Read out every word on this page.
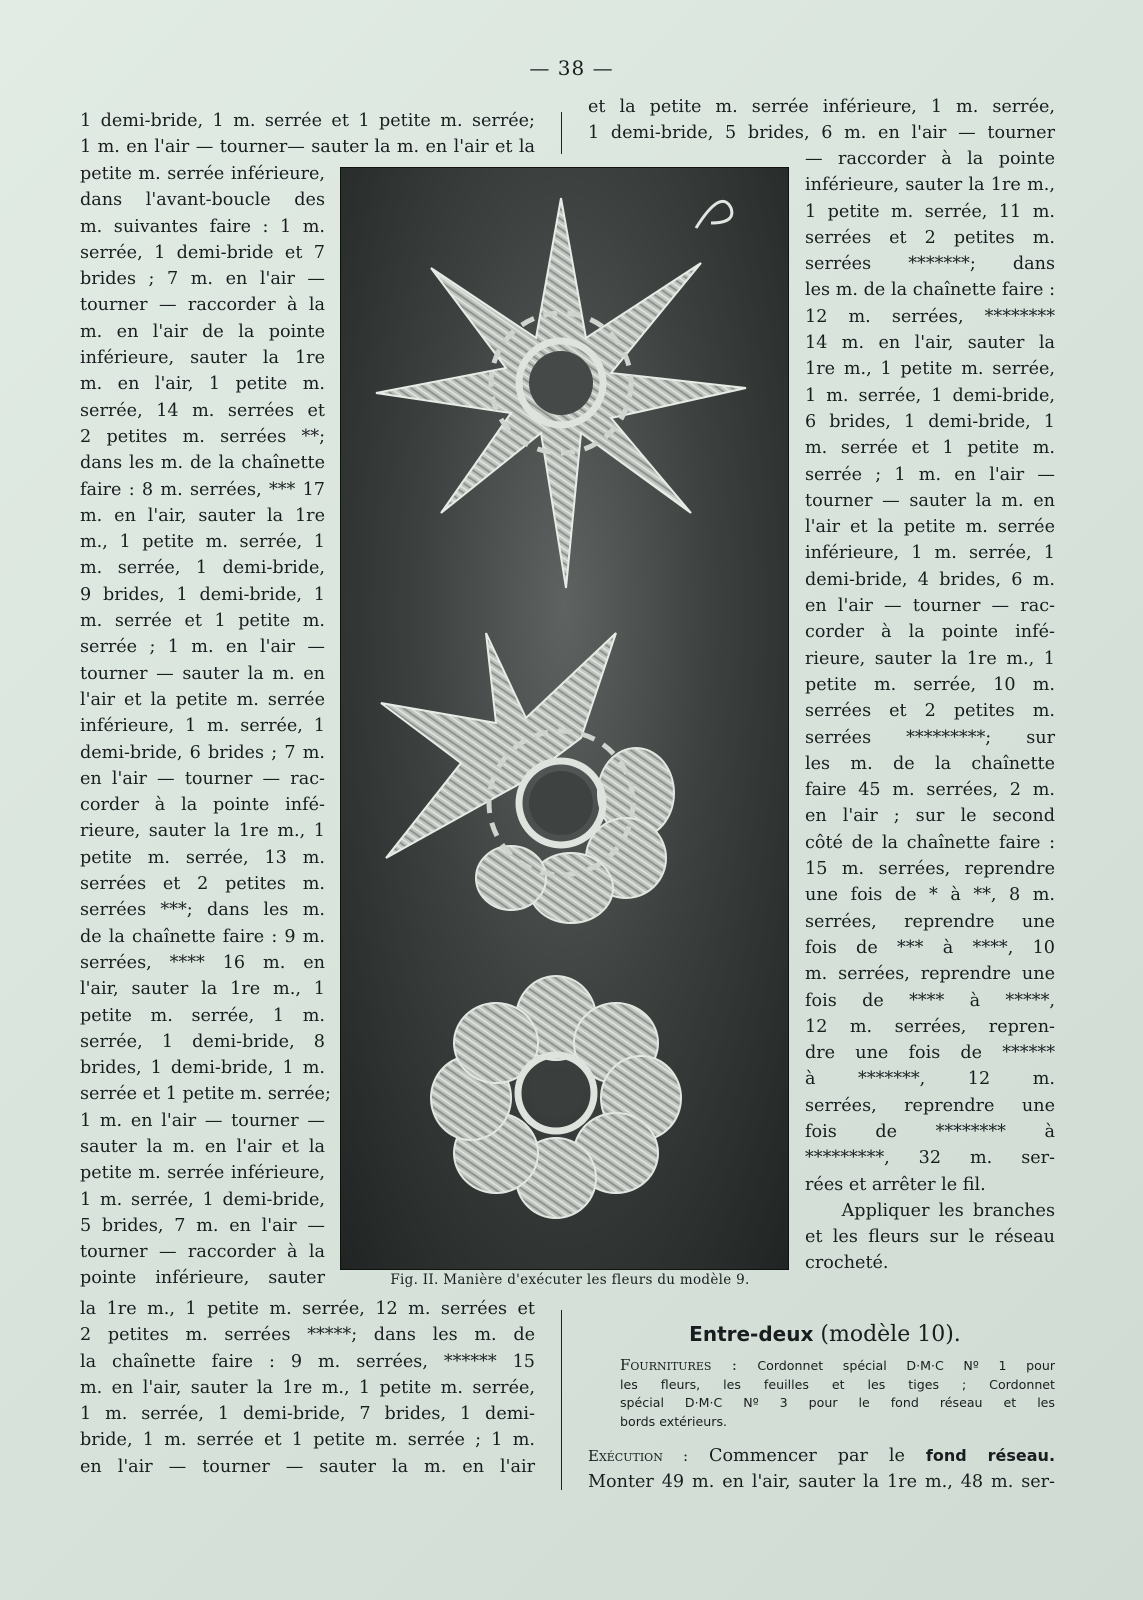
— 38 —
1 demi-bride, 1 m. serrée et 1 petite m. serrée;
1 m. en l'air — tourner— sauter la m. en l'air et la
petite m. serrée inférieure,
dans l'avant-boucle des
m. suivantes faire : 1 m.
serrée, 1 demi-bride et 7
brides ; 7 m. en l'air —
tourner — raccorder à la
m. en l'air de la pointe
inférieure, sauter la 1re
m. en l'air, 1 petite m.
serrée, 14 m. serrées et
2 petites m. serrées **;
dans les m. de la chaînette
faire : 8 m. serrées, *** 17
m. en l'air, sauter la 1re
m., 1 petite m. serrée, 1
m. serrée, 1 demi-bride,
9 brides, 1 demi-bride, 1
m. serrée et 1 petite m.
serrée ; 1 m. en l'air —
tourner — sauter la m. en
l'air et la petite m. serrée
inférieure, 1 m. serrée, 1
demi-bride, 6 brides ; 7 m.
en l'air — tourner — rac-
corder à la pointe infé-
rieure, sauter la 1re m., 1
petite m. serrée, 13 m.
serrées et 2 petites m.
serrées ***; dans les m.
de la chaînette faire : 9 m.
serrées, **** 16 m. en
l'air, sauter la 1re m., 1
petite m. serrée, 1 m.
serrée, 1 demi-bride, 8
brides, 1 demi-bride, 1 m.
serrée et 1 petite m. serrée;
1 m. en l'air — tourner —
sauter la m. en l'air et la
petite m. serrée inférieure,
1 m. serrée, 1 demi-bride,
5 brides, 7 m. en l'air —
tourner — raccorder à la
pointe inférieure, sauter
la 1re m., 1 petite m. serrée, 12 m. serrées et
2 petites m. serrées *****; dans les m. de
la chaînette faire : 9 m. serrées, ****** 15
m. en l'air, sauter la 1re m., 1 petite m. serrée,
1 m. serrée, 1 demi-bride, 7 brides, 1 demi-
bride, 1 m. serrée et 1 petite m. serrée ; 1 m.
en l'air — tourner — sauter la m. en l'air
et la petite m. serrée inférieure, 1 m. serrée,
1 demi-bride, 5 brides, 6 m. en l'air — tourner
— raccorder à la pointe
inférieure, sauter la 1re m.,
1 petite m. serrée, 11 m.
serrées et 2 petites m.
serrées *******; dans
les m. de la chaînette faire :
12 m. serrées, ********
14 m. en l'air, sauter la
1re m., 1 petite m. serrée,
1 m. serrée, 1 demi-bride,
6 brides, 1 demi-bride, 1
m. serrée et 1 petite m.
serrée ; 1 m. en l'air —
tourner — sauter la m. en
l'air et la petite m. serrée
inférieure, 1 m. serrée, 1
demi-bride, 4 brides, 6 m.
en l'air — tourner — rac-
corder à la pointe infé-
rieure, sauter la 1re m., 1
petite m. serrée, 10 m.
serrées et 2 petites m.
serrées *********; sur
les m. de la chaînette
faire 45 m. serrées, 2 m.
en l'air ; sur le second
côté de la chaînette faire :
15 m. serrées, reprendre
une fois de * à **, 8 m.
serrées, reprendre une
fois de *** à ****, 10
m. serrées, reprendre une
fois de **** à *****,
12 m. serrées, repren-
dre une fois de ******
à *******, 12 m.
serrées, reprendre une
fois de ******** à
*********, 32 m. ser-
rées et arrêter le fil.
Appliquer les branches
et les fleurs sur le réseau
crocheté.
Fig. II. Manière d'exécuter les fleurs du modèle 9.
Entre-deux (modèle 10).
Fournitures : Cordonnet spécial D·M·C Nº 1 pour
les fleurs, les feuilles et les tiges ; Cordonnet
spécial D·M·C Nº 3 pour le fond réseau et les
bords extérieurs.
Exécution : Commencer par le fond réseau.
Monter 49 m. en l'air, sauter la 1re m., 48 m. ser-
